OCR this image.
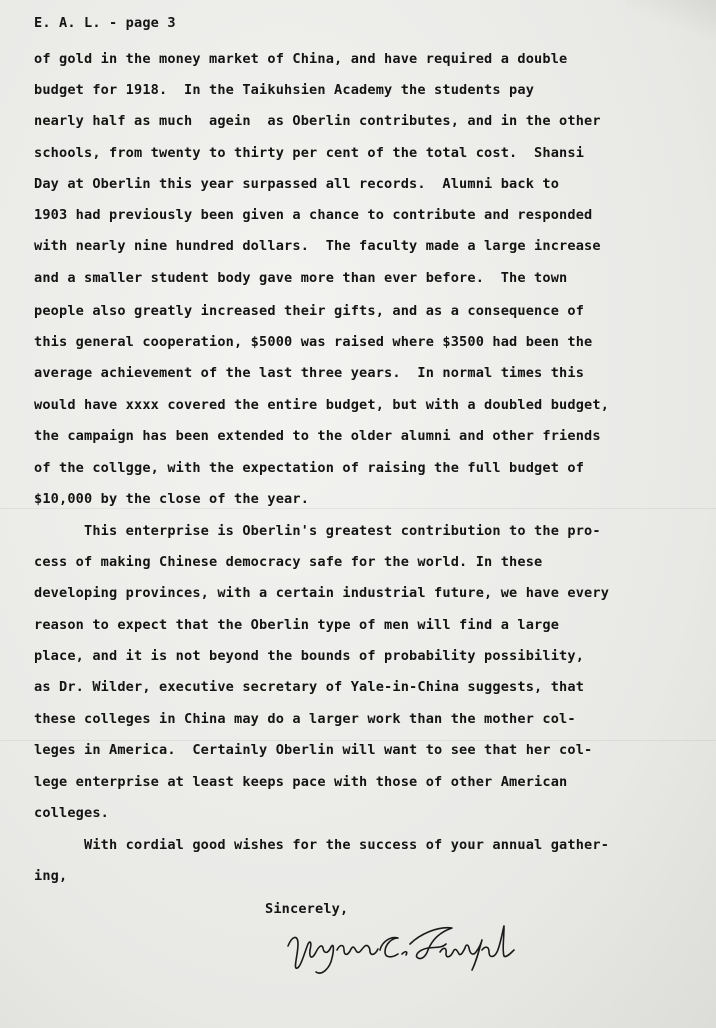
E. A. L. - page 3
of gold in the money market of China, and have required a double
budget for 1918.  In the Taikuhsien Academy the students pay
nearly half as much  agein  as Oberlin contributes, and in the other
schools, from twenty to thirty per cent of the total cost.  Shansi
Day at Oberlin this year surpassed all records.  Alumni back to
1903 had previously been given a chance to contribute and responded
with nearly nine hundred dollars.  The faculty made a large increase
and a smaller student body gave more than ever before.  The town
people also greatly increased their gifts, and as a consequence of
this general cooperation, $5000 was raised where $3500 had been the
average achievement of the last three years.  In normal times this
would have xxxx covered the entire budget, but with a doubled budget,
the campaign has been extended to the older alumni and other friends
of the collgge, with the expectation of raising the full budget of
$10,000 by the close of the year.
This enterprise is Oberlin's greatest contribution to the pro-
cess of making Chinese democracy safe for the world. In these
developing provinces, with a certain industrial future, we have every
reason to expect that the Oberlin type of men will find a large
place, and it is not beyond the bounds of probability possibility,
as Dr. Wilder, executive secretary of Yale-in-China suggests, that
these colleges in China may do a larger work than the mother col-
leges in America.  Certainly Oberlin will want to see that her col-
lege enterprise at least keeps pace with those of other American
colleges.
With cordial good wishes for the success of your annual gather-
ing,
Sincerely,
